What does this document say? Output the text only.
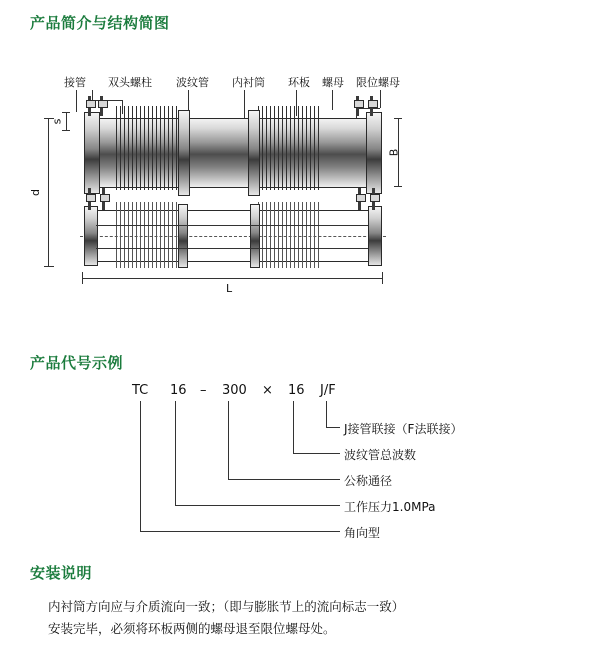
产品简介与结构简图
产品代号示例
安装说明
接管 双头螺柱 波纹管 内衬筒 环板 螺母 限位螺母
d
s
B
L
TC 16 – 300 × 16 J/F
J接管联接（F法联接）
波纹管总波数
公称通径
工作压力1.0MPa
角向型
内衬筒方向应与介质流向一致；（即与膨胀节上的流向标志一致）
安装完毕，必须将环板两侧的螺母退至限位螺母处。
